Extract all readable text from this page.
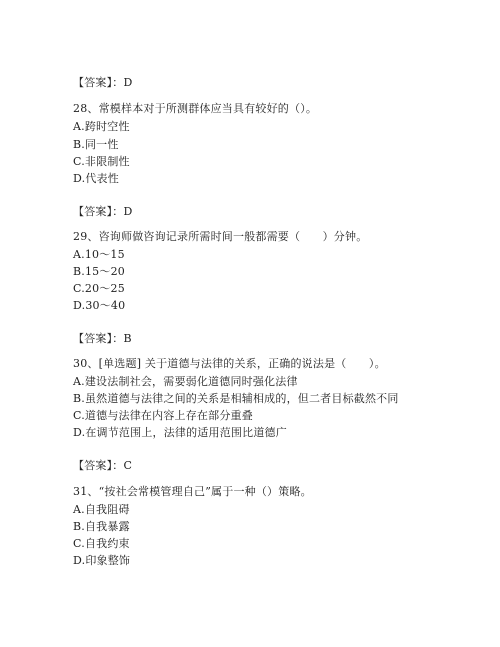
【答案】：D
28、常模样本对于所测群体应当具有较好的（）。
A.跨时空性
B.同一性
C.非限制性
D.代表性
【答案】：D
29、咨询师做咨询记录所需时间一般都需要（　　）分钟。
A.10～15
B.15～20
C.20～25
D.30～40
【答案】：B
30、[单选题] 关于道德与法律的关系，正确的说法是（　　）。
A.建设法制社会，需要弱化道德同时强化法律
B.虽然道德与法律之间的关系是相辅相成的，但二者目标截然不同
C.道德与法律在内容上存在部分重叠
D.在调节范围上，法律的适用范围比道德广
【答案】：C
31、“按社会常模管理自己”属于一种（）策略。
A.自我阻碍
B.自我暴露
C.自我约束
D.印象整饰
